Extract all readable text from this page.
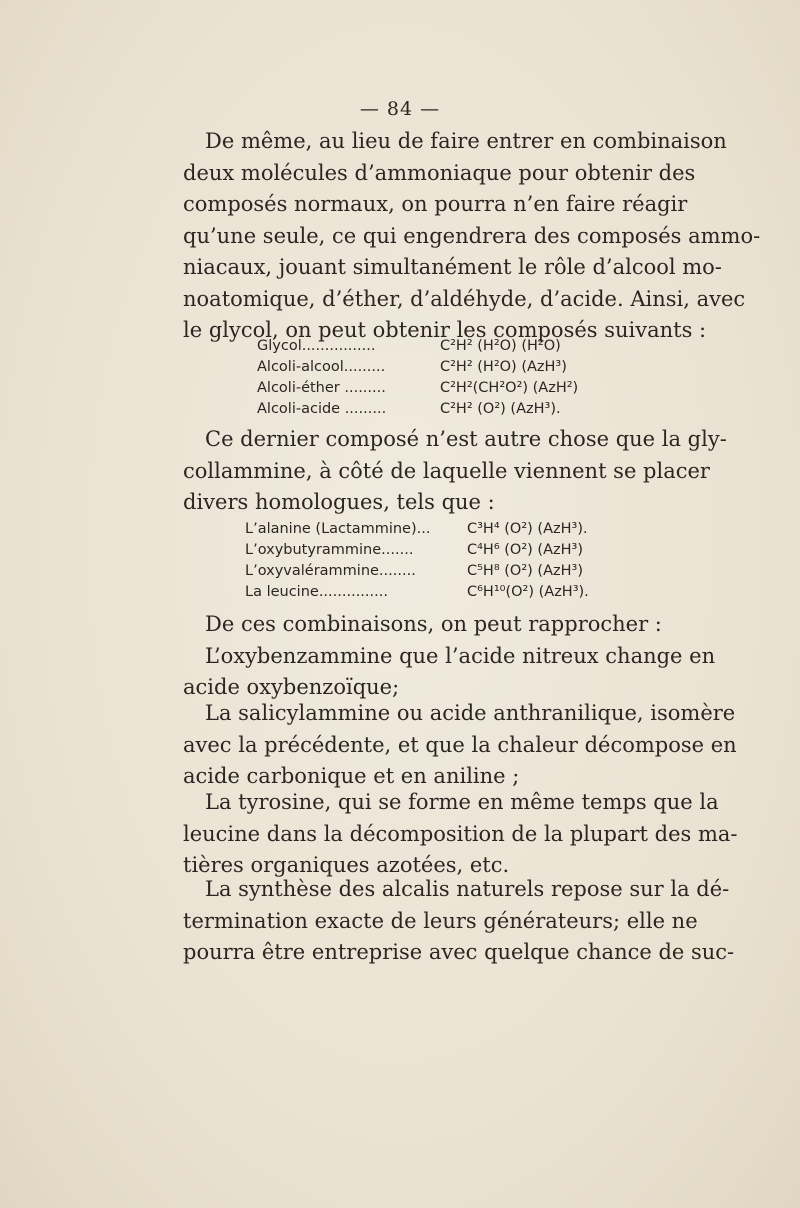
— 84 —
De même, au lieu de faire entrer en combinaison
deux molécules d’ammoniaque pour obtenir des
composés normaux, on pourra n’en faire réagir
qu’une seule, ce qui engendrera des composés ammo-
niacaux, jouant simultanément le rôle d’alcool mo-
noatomique, d’éther, d’aldéhyde, d’acide. Ainsi, avec
le glycol, on peut obtenir les composés suivants :
Glycol................	C²H² (H²O) (H²O)
Alcoli-alcool.........	C²H² (H²O) (AzH³)
Alcoli-éther .........	C²H²(CH²O²) (AzH²)
Alcoli-acide .........	C²H² (O²) (AzH³).
Ce dernier composé n’est autre chose que la gly-
collammine, à côté de laquelle viennent se placer
divers homologues, tels que :
L’alanine (Lactammine)...	C³H⁴ (O²) (AzH³).
L’oxybutyrammine.......	C⁴H⁶ (O²) (AzH³)
L’oxyvalérammine........	C⁵H⁸ (O²) (AzH³)
La leucine...............	C⁶H¹⁰(O²) (AzH³).
De ces combinaisons, on peut rapprocher :
L’oxybenzammine que l’acide nitreux change en
acide oxybenzoïque;
La salicylammine ou acide anthranilique, isomère
avec la précédente, et que la chaleur décompose en
acide carbonique et en aniline ;
La tyrosine, qui se forme en même temps que la
leucine dans la décomposition de la plupart des ma-
tières organiques azotées, etc.
La synthèse des alcalis naturels repose sur la dé-
termination exacte de leurs générateurs; elle ne
pourra être entreprise avec quelque chance de suc-
